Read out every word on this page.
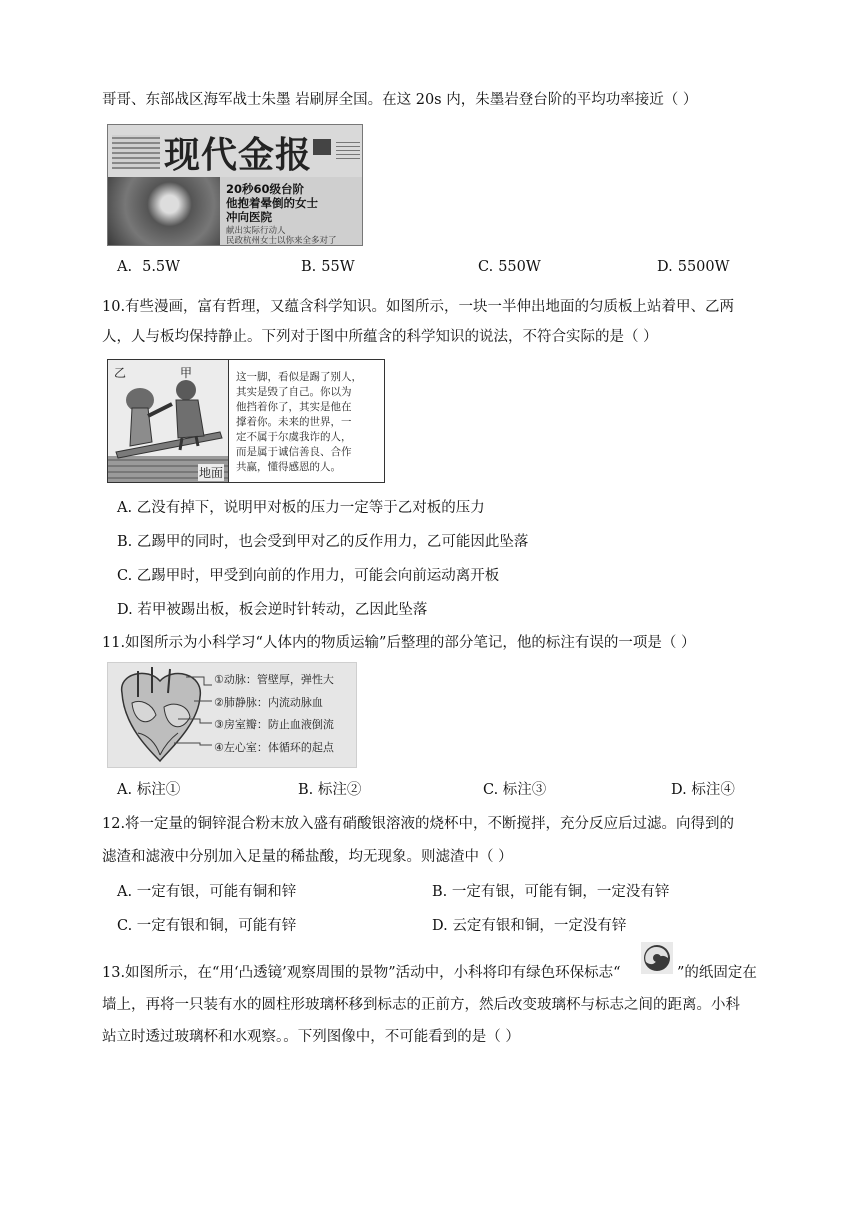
哥哥、东部战区海军战士朱墨 岩刷屏全国。在这 20s 内，朱墨岩登台阶的平均功率接近（ ）
现代金报
20秒60级台阶
他抱着晕倒的女士
冲向医院
献出实际行动人
民政杭州女士以你来全多对了
A. 5.5W	B. 55W	C. 550W	D. 5500W
10.有些漫画，富有哲理，又蕴含科学知识。如图所示，一块一半伸出地面的匀质板上站着甲、乙两
人，人与板均保持静止。下列对于图中所蕴含的科学知识的说法，不符合实际的是（ ）
乙	甲
地面
这一脚，看似是踢了别人，
其实是毁了自己。你以为
他挡着你了，其实是他在
撑着你。未来的世界，一
定不属于尔虞我诈的人，
而是属于诚信善良、合作
共赢，懂得感恩的人。
A. 乙没有掉下，说明甲对板的压力一定等于乙对板的压力
B. 乙踢甲的同时，也会受到甲对乙的反作用力，乙可能因此坠落
C. 乙踢甲时，甲受到向前的作用力，可能会向前运动离开板
D. 若甲被踢出板，板会逆时针转动，乙因此坠落
11.如图所示为小科学习“人体内的物质运输”后整理的部分笔记，他的标注有误的一项是（ ）
①动脉：管壁厚，弹性大
②肺静脉：内流动脉血
③房室瓣：防止血液倒流
④左心室：体循环的起点
A. 标注①	B. 标注②	C. 标注③	D. 标注④
12.将一定量的铜锌混合粉末放入盛有硝酸银溶液的烧杯中，不断搅拌，充分反应后过滤。向得到的
滤渣和滤液中分别加入足量的稀盐酸，均无现象。则滤渣中（ ）
A. 一定有银，可能有铜和锌	B. 一定有银，可能有铜，一定没有锌
C. 一定有银和铜，可能有锌	D. 云定有银和铜，一定没有锌
13.如图所示，在“用‘凸透镜’观察周围的景物”活动中，小科将印有绿色环保标志“	”的纸固定在
墙上，再将一只装有水的圆柱形玻璃杯移到标志的正前方，然后改变玻璃杯与标志之间的距离。小科
站立时透过玻璃杯和水观察。。下列图像中，不可能看到的是（ ）
